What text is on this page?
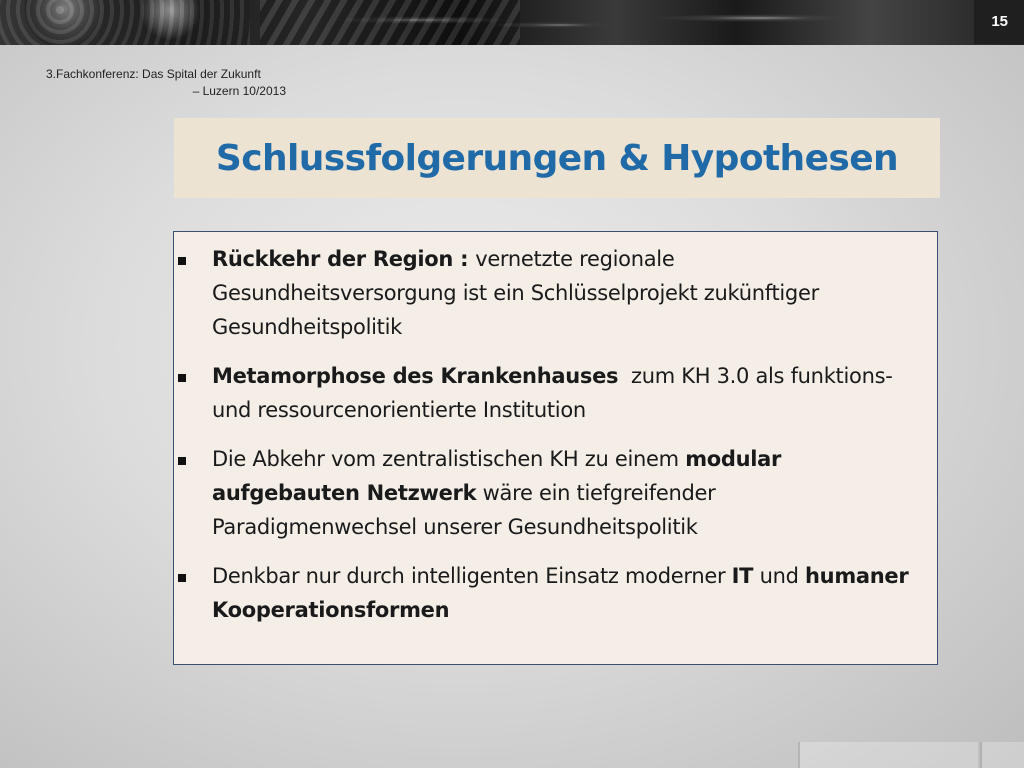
15
3.Fachkonferenz: Das Spital der Zukunft
– Luzern 10/2013
Schlussfolgerungen & Hypothesen
Rückkehr der Region : vernetzte regionale Gesundheitsversorgung ist ein Schlüsselprojekt zukünftiger Gesundheitspolitik
Metamorphose des Krankenhauses  zum KH 3.0 als funktions- und ressourcenorientierte Institution
Die Abkehr vom zentralistischen KH zu einem modular aufgebauten Netzwerk wäre ein tiefgreifender Paradigmenwechsel unserer Gesundheitspolitik
Denkbar nur durch intelligenten Einsatz moderner IT und humaner Kooperationsformen
